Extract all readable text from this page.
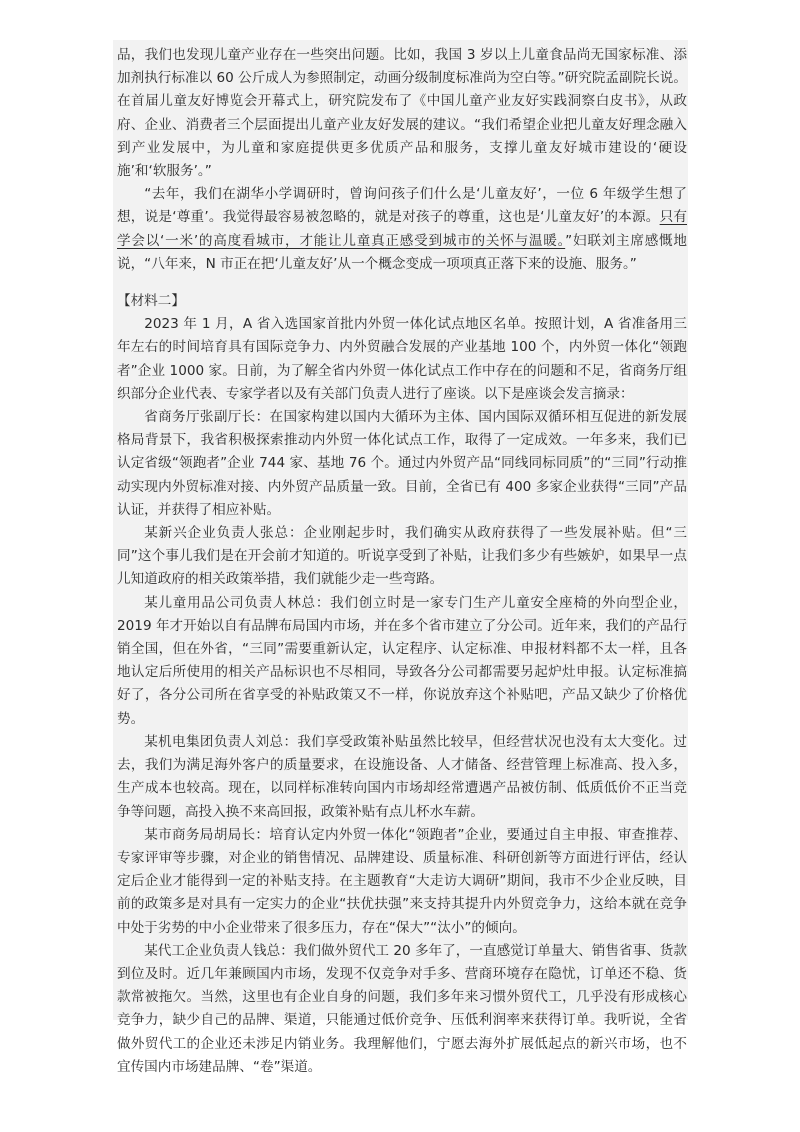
品，我们也发现儿童产业存在一些突出问题。比如，我国 3 岁以上儿童食品尚无国家标准、添加剂执行标准以 60 公斤成人为参照制定，动画分级制度标准尚为空白等。”研究院孟副院长说。在首届儿童友好博览会开幕式上，研究院发布了《中国儿童产业友好实践洞察白皮书》，从政府、企业、消费者三个层面提出儿童产业友好发展的建议。“我们希望企业把儿童友好理念融入到产业发展中，为儿童和家庭提供更多优质产品和服务，支撑儿童友好城市建设的‘硬设施’和‘软服务’。”

“去年，我们在湖华小学调研时，曾询问孩子们什么是‘儿童友好’，一位 6 年级学生想了想，说是‘尊重’。我觉得最容易被忽略的，就是对孩子的尊重，这也是‘儿童友好’的本源。只有学会以‘一米’的高度看城市，才能让儿童真正感受到城市的关怀与温暖。”妇联刘主席感慨地说，“八年来，N 市正在把‘儿童友好’从一个概念变成一项项真正落下来的设施、服务。”

【材料二】

2023 年 1 月，A 省入选国家首批内外贸一体化试点地区名单。按照计划，A 省准备用三年左右的时间培育具有国际竞争力、内外贸融合发展的产业基地 100 个，内外贸一体化“领跑者”企业 1000 家。日前，为了解全省内外贸一体化试点工作中存在的问题和不足，省商务厅组织部分企业代表、专家学者以及有关部门负责人进行了座谈。以下是座谈会发言摘录：

省商务厅张副厅长：在国家构建以国内大循环为主体、国内国际双循环相互促进的新发展格局背景下，我省积极探索推动内外贸一体化试点工作，取得了一定成效。一年多来，我们已认定省级“领跑者”企业 744 家、基地 76 个。通过内外贸产品“同线同标同质”的“三同”行动推动实现内外贸标准对接、内外贸产品质量一致。目前，全省已有 400 多家企业获得“三同”产品认证，并获得了相应补贴。

某新兴企业负责人张总：企业刚起步时，我们确实从政府获得了一些发展补贴。但“三同”这个事儿我们是在开会前才知道的。听说享受到了补贴，让我们多少有些嫉妒，如果早一点儿知道政府的相关政策举措，我们就能少走一些弯路。

某儿童用品公司负责人林总：我们创立时是一家专门生产儿童安全座椅的外向型企业，2019 年才开始以自有品牌布局国内市场，并在多个省市建立了分公司。近年来，我们的产品行销全国，但在外省，“三同”需要重新认定，认定程序、认定标准、申报材料都不太一样，且各地认定后所使用的相关产品标识也不尽相同，导致各分公司都需要另起炉灶申报。认定标准搞好了，各分公司所在省享受的补贴政策又不一样，你说放弃这个补贴吧，产品又缺少了价格优势。

某机电集团负责人刘总：我们享受政策补贴虽然比较早，但经营状况也没有太大变化。过去，我们为满足海外客户的质量要求，在设施设备、人才储备、经营管理上标准高、投入多，生产成本也较高。现在，以同样标准转向国内市场却经常遭遇产品被仿制、低质低价不正当竞争等问题，高投入换不来高回报，政策补贴有点儿杯水车薪。

某市商务局胡局长：培育认定内外贸一体化“领跑者”企业，要通过自主申报、审查推荐、专家评审等步骤，对企业的销售情况、品牌建设、质量标准、科研创新等方面进行评估，经认定后企业才能得到一定的补贴支持。在主题教育“大走访大调研”期间，我市不少企业反映，目前的政策多是对具有一定实力的企业“扶优扶强”来支持其提升内外贸竞争力，这给本就在竞争中处于劣势的中小企业带来了很多压力，存在“保大”“汰小”的倾向。

某代工企业负责人钱总：我们做外贸代工 20 多年了，一直感觉订单量大、销售省事、货款到位及时。近几年兼顾国内市场，发现不仅竞争对手多、营商环境存在隐忧，订单还不稳、货款常被拖欠。当然，这里也有企业自身的问题，我们多年来习惯外贸代工，几乎没有形成核心竞争力，缺少自己的品牌、渠道，只能通过低价竞争、压低利润率来获得订单。我听说，全省做外贸代工的企业还未涉足内销业务。我理解他们，宁愿去海外扩展低起点的新兴市场，也不宜传国内市场建品牌、“卷”渠道。
